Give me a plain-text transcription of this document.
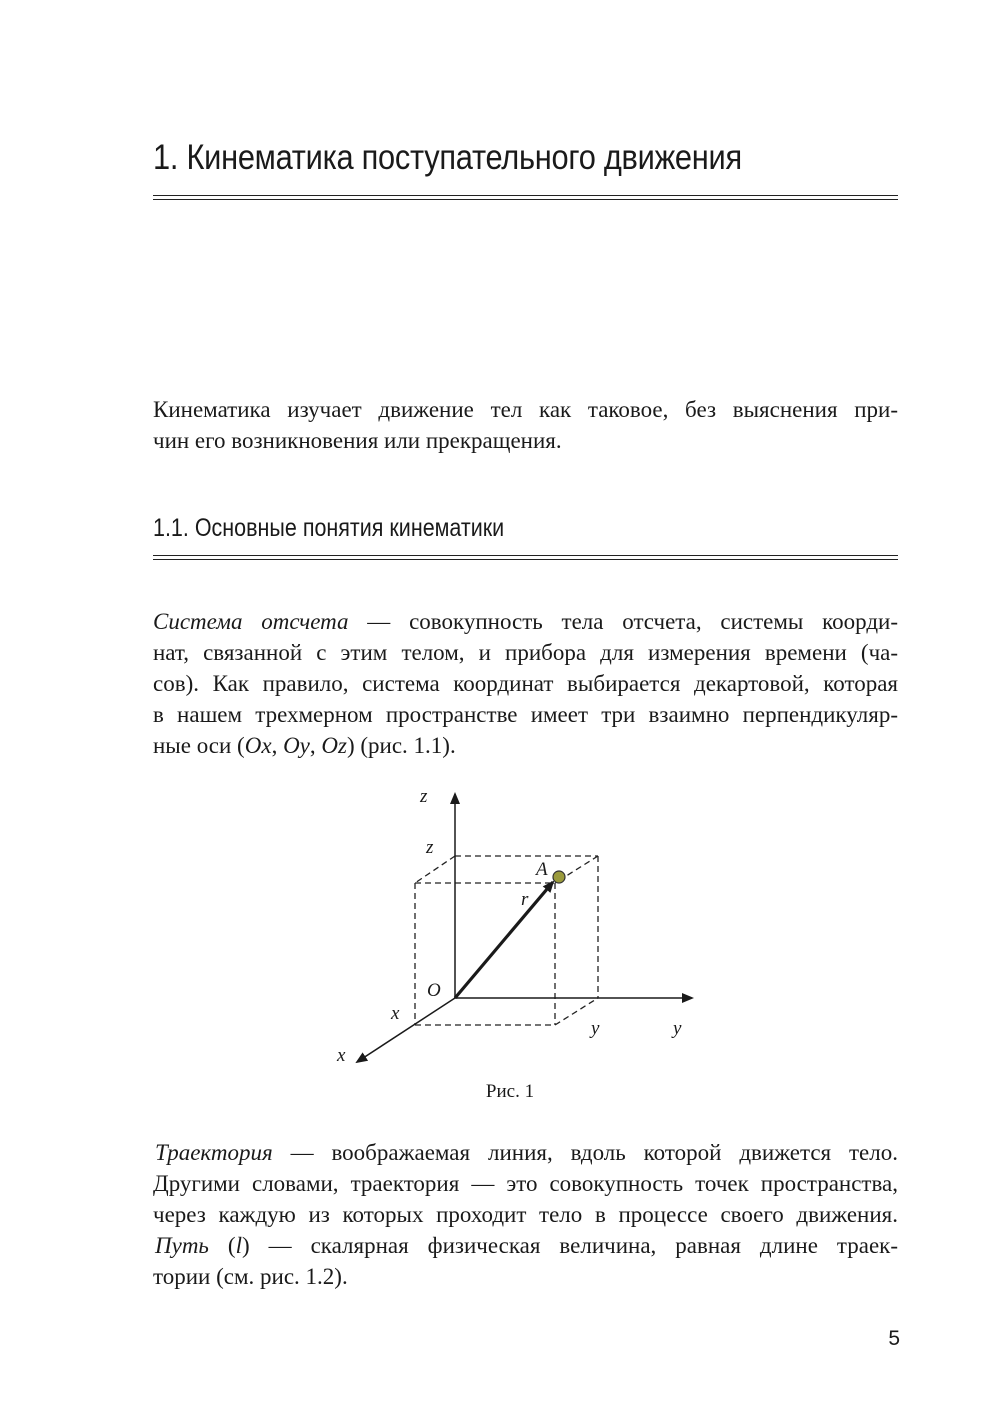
1. Кинематика поступательного движения
Кинематика изучает движение тел как таковое, без выяснения при-
чин его возникновения или прекращения.
1.1. Основные понятия кинематики
Система отсчета — совокупность тела отсчета, системы коорди-
нат, связанной с этим телом, и прибора для измерения времени (ча-
сов). Как правило, система координат выбирается декартовой, которая
в нашем трехмерном пространстве имеет три взаимно перпендикуляр-
ные оси (Ox, Oy, Oz) (рис. 1.1).
z
z
A
r⃗
O
x
y	y
x
Рис. 1
Траектория — воображаемая линия, вдоль которой движется тело.
Другими словами, траектория — это совокупность точек пространства,
через каждую из которых проходит тело в процессе своего движения.
Путь (l) — скалярная физическая величина, равная длине траек-
тории (см. рис. 1.2).
5
